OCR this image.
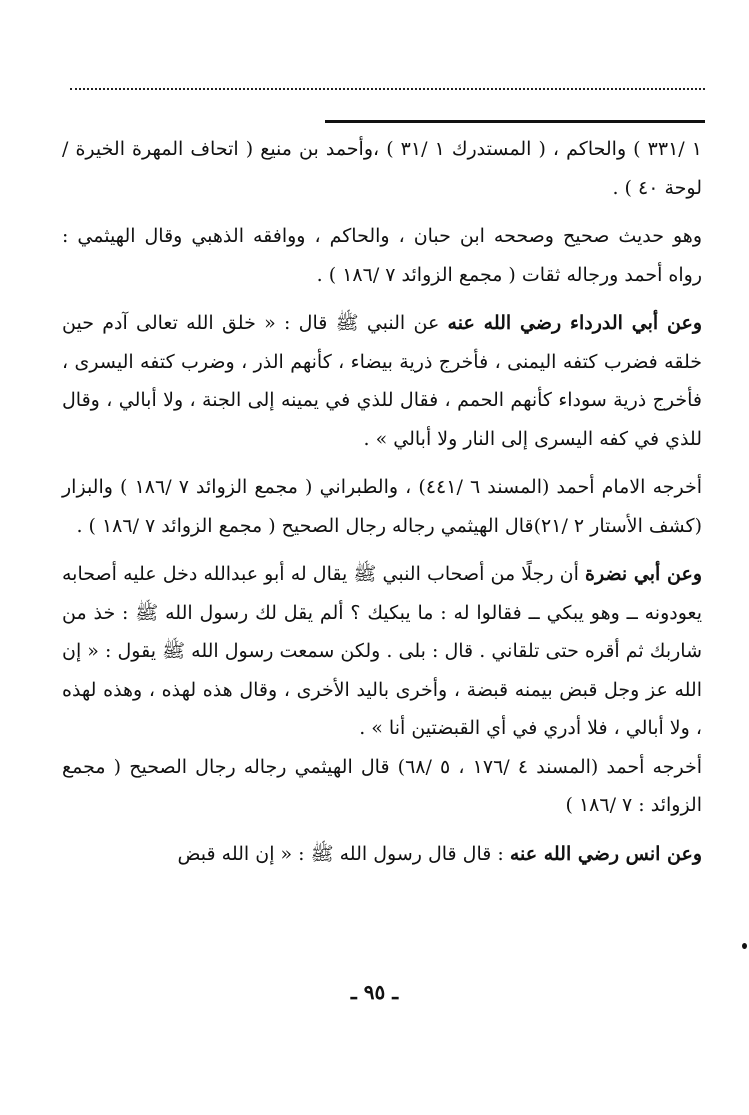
١ /٣٣١ ) والحاكم ، ( المستدرك ١ /٣١ ) ،وأحمد بن منيع ( اتحاف المهرة الخيرة / لوحة ٤٠ ) .

وهو حديث صحيح وصححه ابن حبان ، والحاكم ، ووافقه الذهبي وقال الهيثمي : رواه أحمد ورجاله ثقات ( مجمع الزوائد ٧ /١٨٦ ) .

وعن أبي الدرداء رضي الله عنه عن النبي ﷺ قال : « خلق الله تعالى آدم حين خلقه فضرب كتفه اليمنى ، فأخرج ذرية بيضاء ، كأنهم الذر ، وضرب كتفه اليسرى ، فأخرج ذرية سوداء كأنهم الحمم ، فقال للذي في يمينه إلى الجنة ، ولا أبالي ، وقال للذي في كفه اليسرى إلى النار ولا أبالي » .

أخرجه الامام أحمد (المسند ٦ /٤٤١) ، والطبراني ( مجمع الزوائد ٧ /١٨٦ ) والبزار (كشف الأستار ٢ /٢١)قال الهيثمي رجاله رجال الصحيح ( مجمع الزوائد ٧ /١٨٦ ) .

وعن أبي نضرة أن رجلًا من أصحاب النبي ﷺ يقال له أبو عبدالله دخل عليه أصحابه يعودونه ــ وهو يبكي ــ فقالوا له : ما يبكيك ؟ ألم يقل لك رسول الله ﷺ : خذ من شاربك ثم أقره حتى تلقاني . قال : بلى . ولكن سمعت رسول الله ﷺ يقول : « إن الله عز وجل قبض بيمنه قبضة ، وأخرى باليد الأخرى ، وقال هذه لهذه ، وهذه لهذه ، ولا أبالي ، فلا أدري في أي القبضتين أنا » .

أخرجه أحمد (المسند ٤ /١٧٦ ، ٥ /٦٨) قال الهيثمي رجاله رجال الصحيح ( مجمع الزوائد : ٧ /١٨٦ )

وعن انس رضي الله عنه : قال قال رسول الله ﷺ : « إن الله قبض

ـ ٩٥ ـ
